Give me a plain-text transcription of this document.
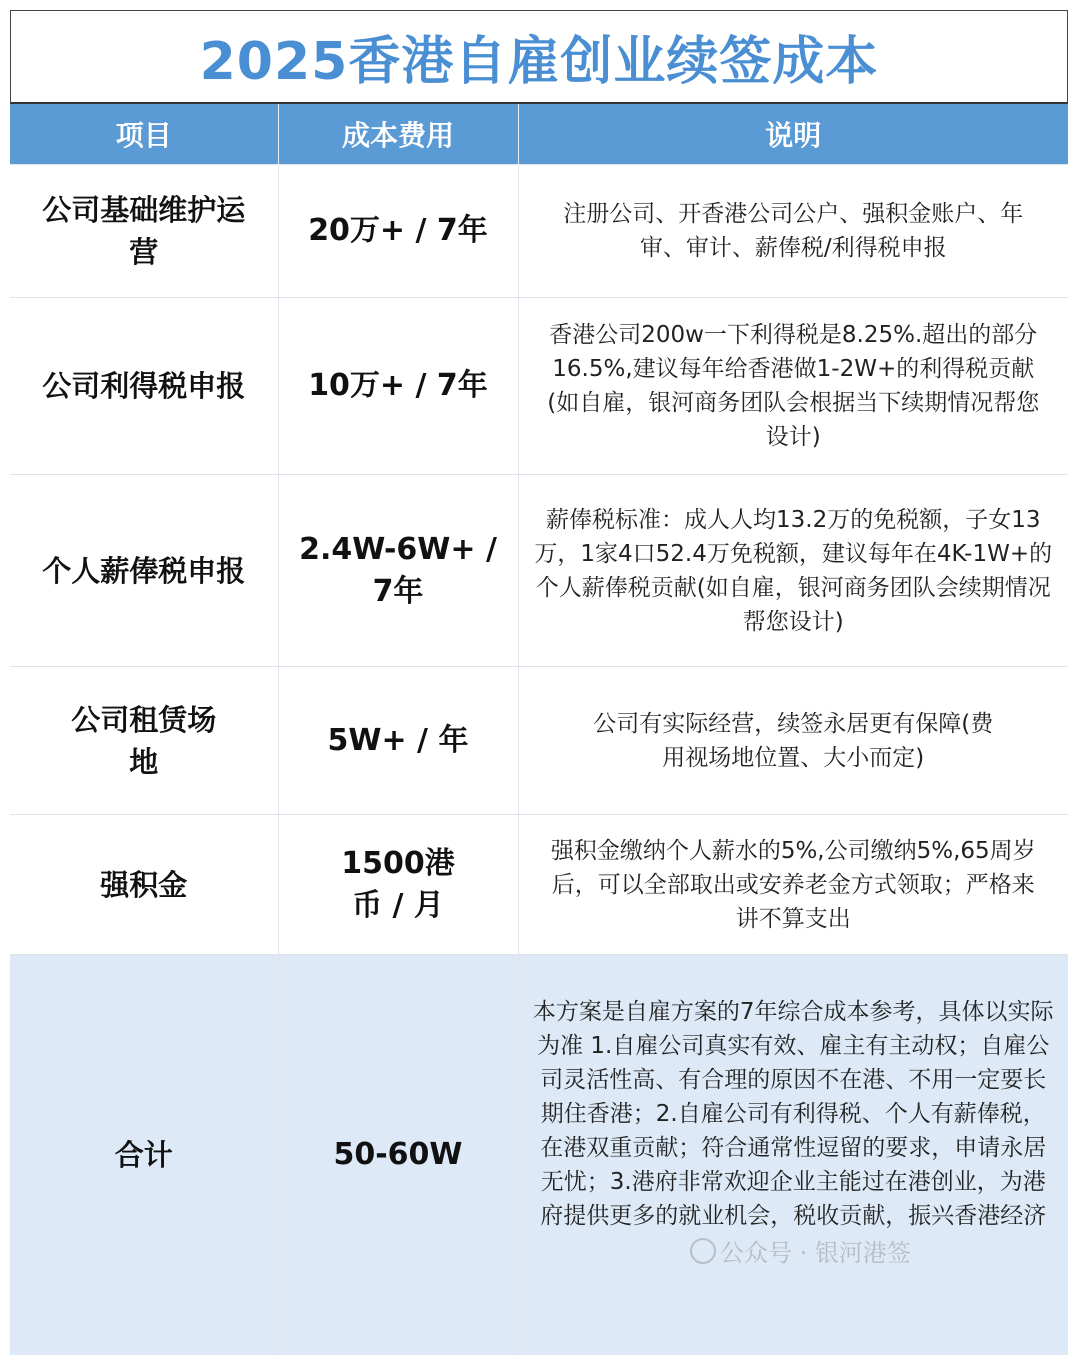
2025香港自雇创业续签成本
项目	成本费用	说明
公司基础维护运营	20万+ / 7年	注册公司、开香港公司公户、强积金账户、年审、审计、薪俸税/利得税申报
公司利得税申报	10万+ / 7年	香港公司200w一下利得税是8.25%.超出的部分16.5%,建议每年给香港做1-2W+的利得税贡献(如自雇，银河商务团队会根据当下续期情况帮您设计)
个人薪俸税申报	2.4W-6W+ / 7年	薪俸税标准：成人人均13.2万的免税额，子女13万，1家4口52.4万免税额，建议每年在4K-1W+的个人薪俸税贡献(如自雇，银河商务团队会续期情况帮您设计)
公司租赁场地	5W+ / 年	公司有实际经营，续签永居更有保障(费用视场地位置、大小而定)
强积金	1500港币 / 月	强积金缴纳个人薪水的5%,公司缴纳5%,65周岁后，可以全部取出或安养老金方式领取；严格来讲不算支出
合计	50-60W	本方案是自雇方案的7年综合成本参考，具体以实际为准 1.自雇公司真实有效、雇主有主动权；自雇公司灵活性高、有合理的原因不在港、不用一定要长期住香港；2.自雇公司有利得税、个人有薪俸税，在港双重贡献；符合通常性逗留的要求，申请永居无忧；3.港府非常欢迎企业主能过在港创业，为港府提供更多的就业机会，税收贡献，振兴香港经济
公众号 · 银河港签
